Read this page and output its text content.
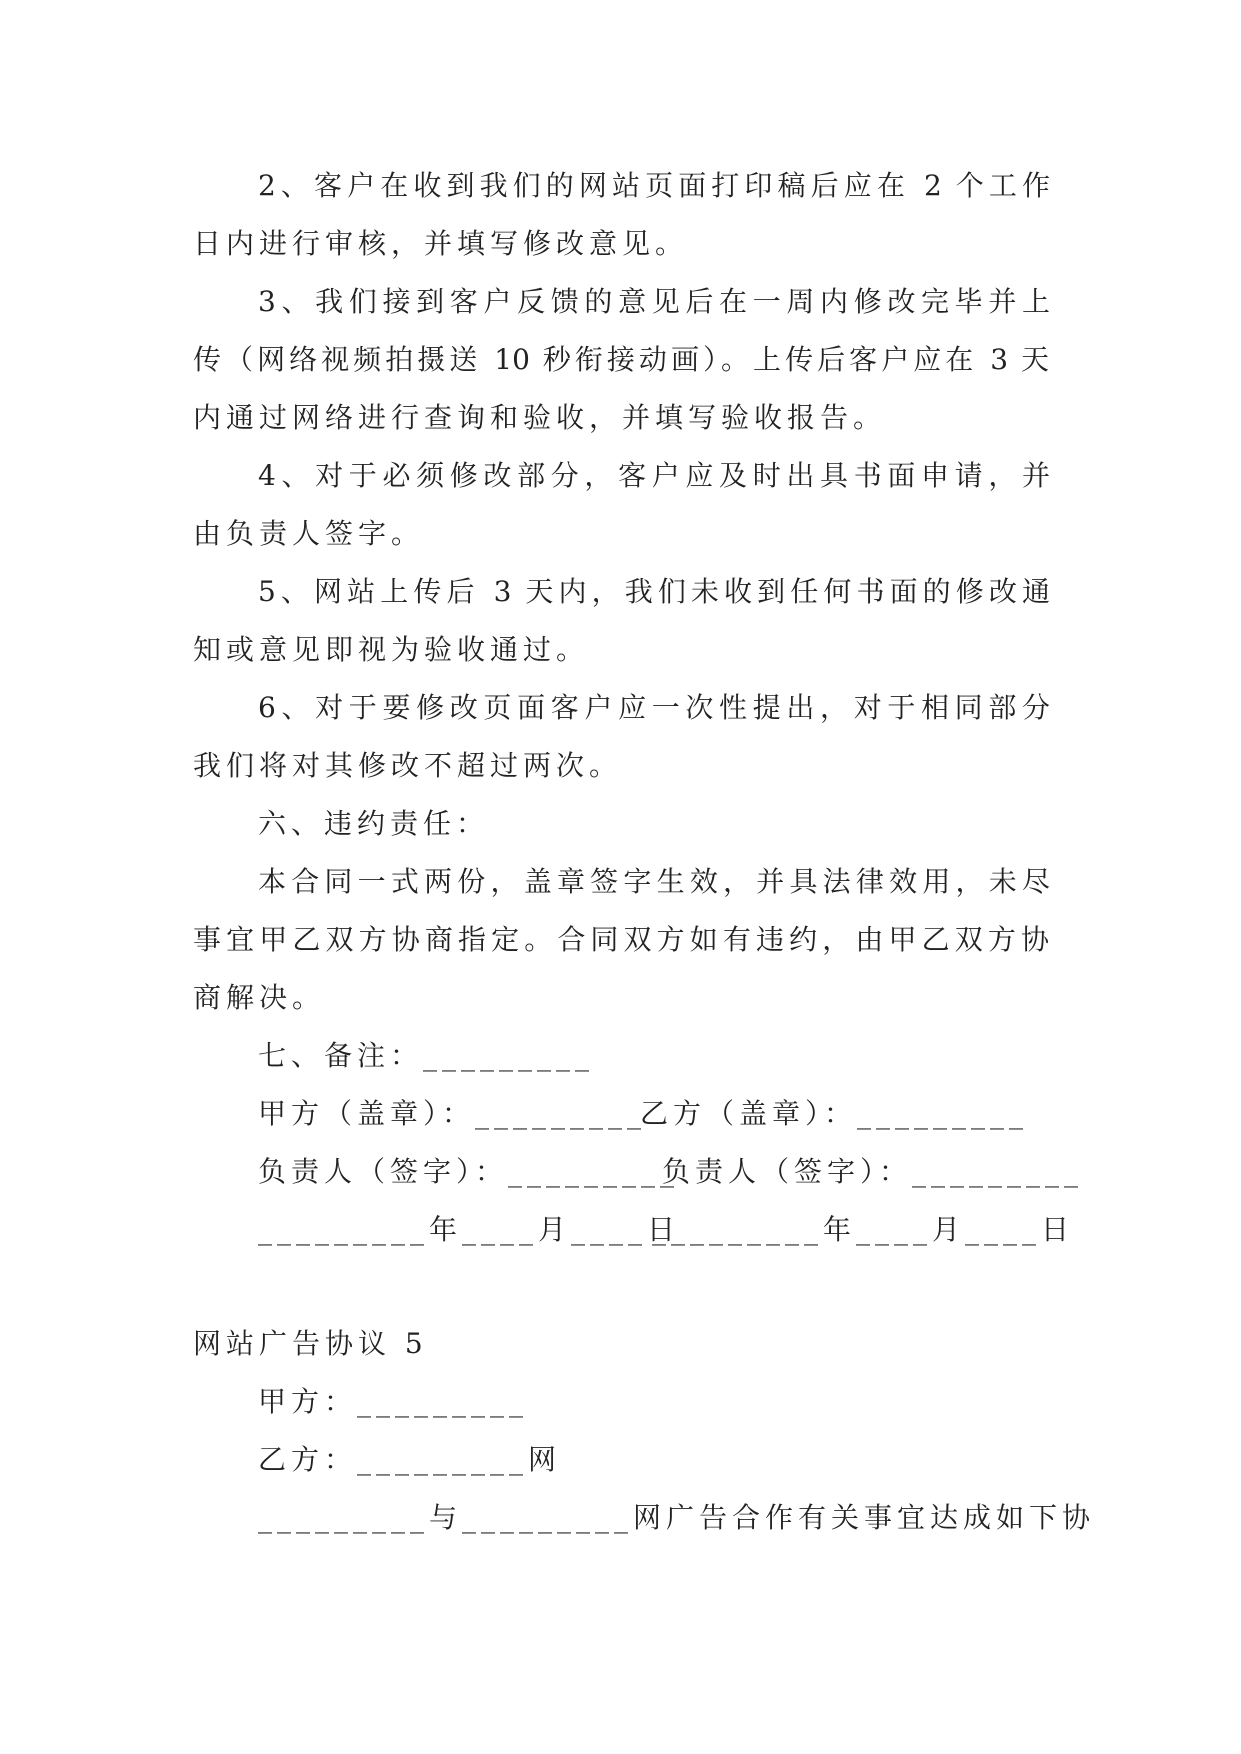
2、客户在收到我们的网站页面打印稿后应在 2 个工作
日内进行审核，并填写修改意见。
3、我们接到客户反馈的意见后在一周内修改完毕并上
传（网络视频拍摄送 10 秒衔接动画）。上传后客户应在 3 天
内通过网络进行查询和验收，并填写验收报告。
4、对于必须修改部分，客户应及时出具书面申请，并
由负责人签字。
5、网站上传后 3 天内，我们未收到任何书面的修改通
知或意见即视为验收通过。
6、对于要修改页面客户应一次性提出，对于相同部分
我们将对其修改不超过两次。
六、违约责任：
本合同一式两份，盖章签字生效，并具法律效用，未尽
事宜甲乙双方协商指定。合同双方如有违约，由甲乙双方协
商解决。
七、备注：_________
甲方（盖章）：_________
乙方（盖章）：_________
负责人（签字）：_________
负责人（签字）：_________
_________年____月____日
_________年____月____日
网站广告协议 5
甲方：_________
乙方：_________网
_________与_________网广告合作有关事宜达成如下协
